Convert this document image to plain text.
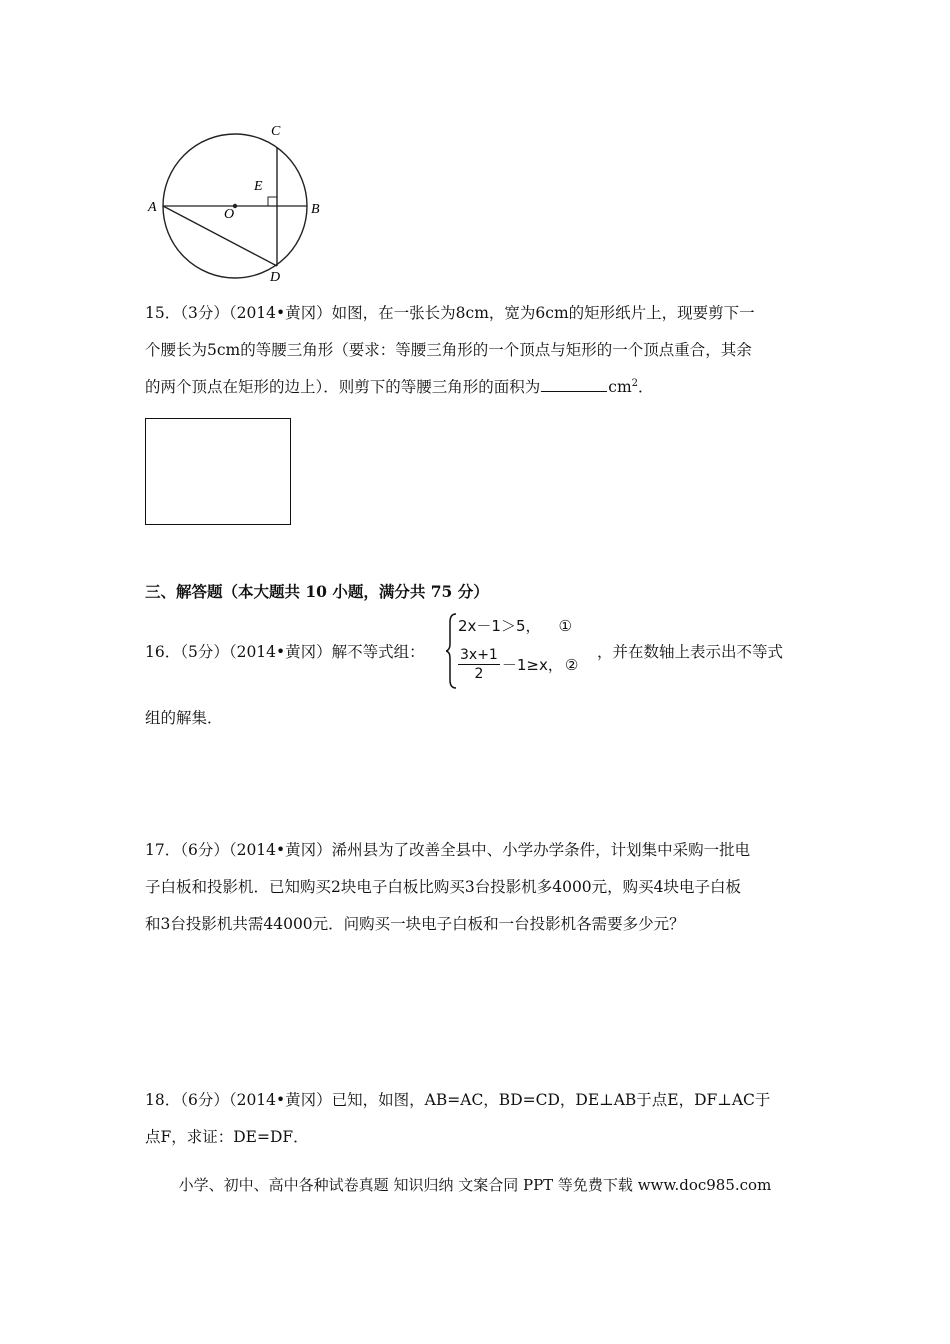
A	B
C
D
E
O
15．（3分）（2014•黄冈）如图，在一张长为8cm，宽为6cm的矩形纸片上，现要剪下一
个腰长为5cm的等腰三角形（要求：等腰三角形的一个顶点与矩形的一个顶点重合，其余
的两个顶点在矩形的边上）．则剪下的等腰三角形的面积为	$cm^2$．
三、解答题（本大题共 10 小题，满分共 75 分）
16．（5分）（2014•黄冈）解不等式组：
2x－1＞5， ①
$\frac{3x+1}{2} -1\ge x$， ②
，并在数轴上表示出不等式
组的解集．
17．（6分）（2014•黄冈）浠州县为了改善全县中、小学办学条件，计划集中采购一批电
子白板和投影机．已知购买2块电子白板比购买3台投影机多4000元，购买4块电子白板
和3台投影机共需44000元．问购买一块电子白板和一台投影机各需要多少元？
18．（6分）（2014•黄冈）已知，如图，AB=AC，BD=CD，DE⊥AB于点E，DF⊥AC于
点F，求证：DE=DF．
小学、初中、高中各种试卷真题 知识归纳 文案合同 PPT 等免费下载 www.doc985.com
